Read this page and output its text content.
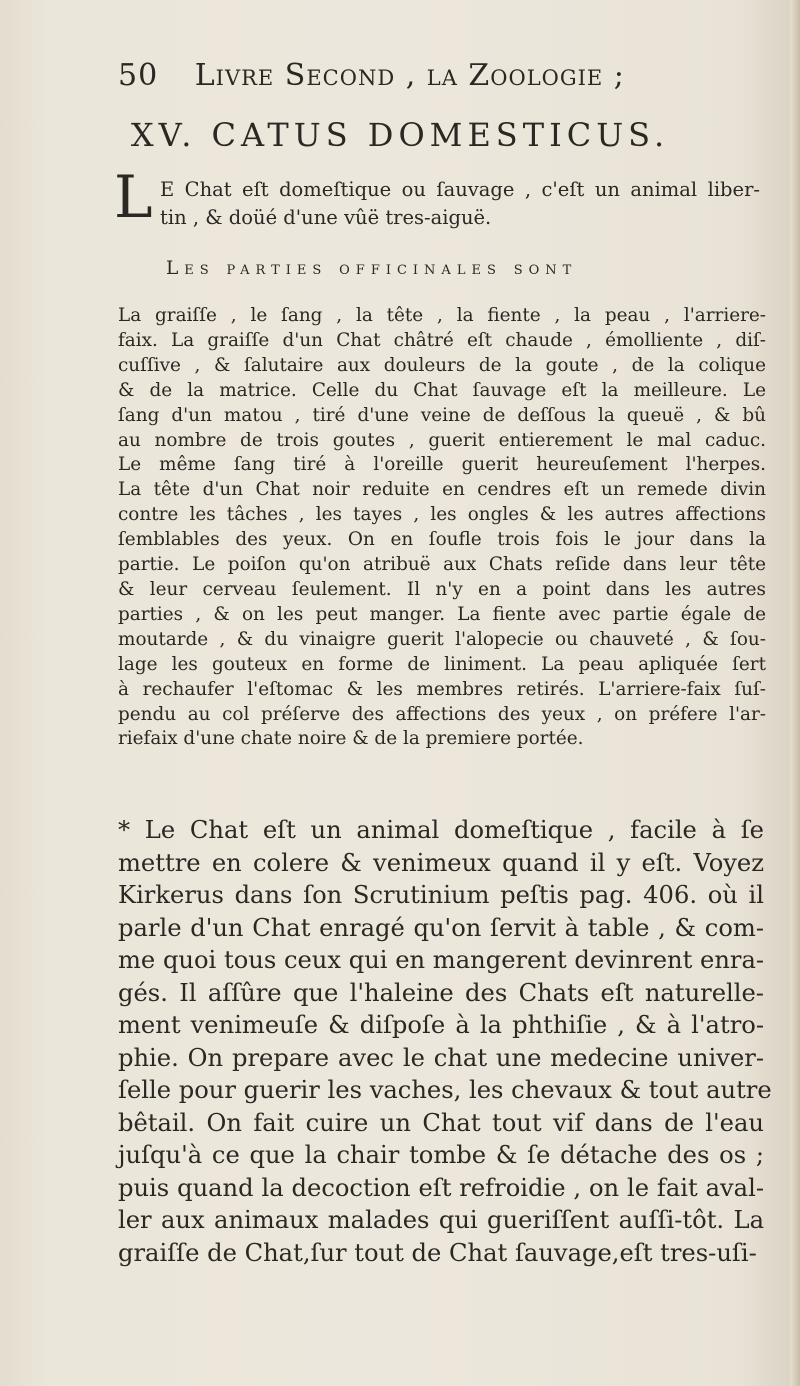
50 Livre Second , la Zoologie ;
XV. CATUS DOMESTICUS.
L E Chat eſt domeſtique ou ſauvage , c'eſt un animal liber-
tin , & doüé d'une vûë tres-aiguë.
Les parties officinales sont
La graiſſe , le ſang , la tête , la fiente , la peau , l'arriere-
faix. La graiſſe d'un Chat châtré eſt chaude , émolliente , diſ-
cuſſive , & ſalutaire aux douleurs de la goute , de la colique
& de la matrice. Celle du Chat ſauvage eſt la meilleure. Le
ſang d'un matou , tiré d'une veine de deſſous la queuë , & bû
au nombre de trois goutes , guerit entierement le mal caduc.
Le même ſang tiré à l'oreille guerit heureuſement l'herpes.
La tête d'un Chat noir reduite en cendres eſt un remede divin
contre les tâches , les tayes , les ongles & les autres affections
ſemblables des yeux. On en ſoufle trois fois le jour dans la
partie. Le poiſon qu'on atribuë aux Chats reſide dans leur tête
& leur cerveau ſeulement. Il n'y en a point dans les autres
parties , & on les peut manger. La fiente avec partie égale de
moutarde , & du vinaigre guerit l'alopecie ou chauveté , & ſou-
lage les gouteux en forme de liniment. La peau apliquée ſert
à rechaufer l'eſtomac & les membres retirés. L'arriere-faix ſuſ-
pendu au col préſerve des affections des yeux , on préfere l'ar-
riefaix d'une chate noire & de la premiere portée.
* Le Chat eſt un animal domeſtique , facile à ſe
mettre en colere & venimeux quand il y eſt. Voyez
Kirkerus dans ſon Scrutinium peſtis pag. 406. où il
parle d'un Chat enragé qu'on ſervit à table , & com-
me quoi tous ceux qui en mangerent devinrent enra-
gés. Il aſſûre que l'haleine des Chats eſt naturelle-
ment venimeuſe & diſpoſe à la phthiſie , & à l'atro-
phie. On prepare avec le chat une medecine univer-
ſelle pour guerir les vaches, les chevaux & tout autre
bêtail. On fait cuire un Chat tout vif dans de l'eau
juſqu'à ce que la chair tombe & ſe détache des os ;
puis quand la decoction eſt refroidie , on le fait aval-
ler aux animaux malades qui gueriſſent auſſi-tôt. La
graiſſe de Chat,ſur tout de Chat ſauvage,eſt tres-uſi-
